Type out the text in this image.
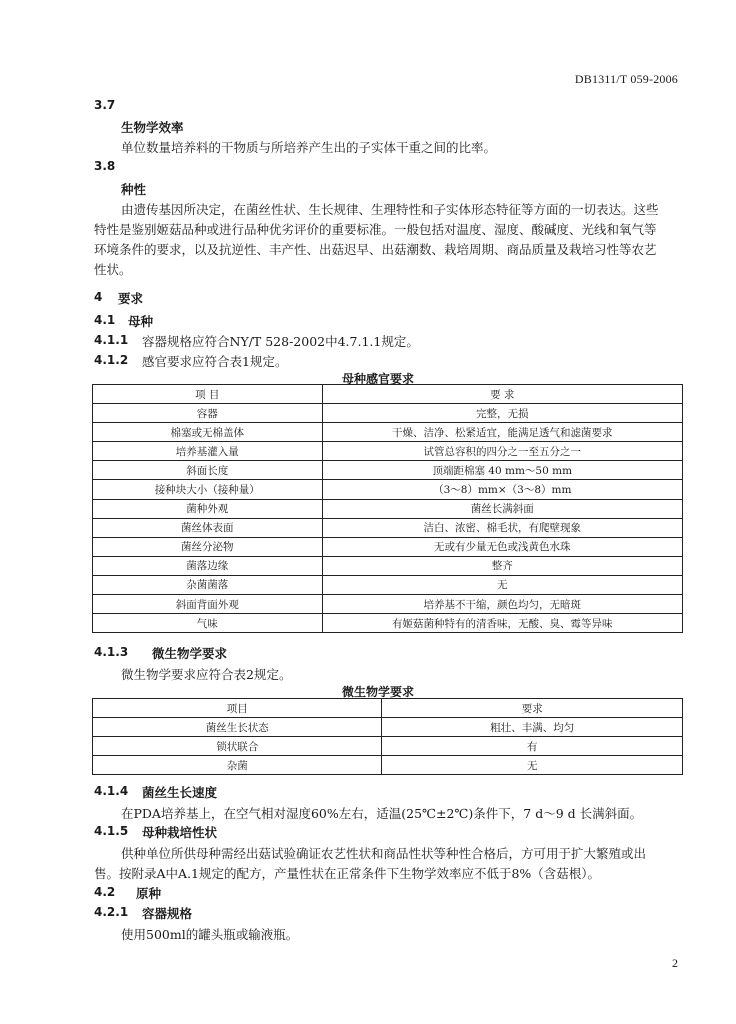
DB1311/T 059-2006
3.7
生物学效率
单位数量培养料的干物质与所培养产生出的子实体干重之间的比率。
3.8
种性
由遗传基因所决定，在菌丝性状、生长规律、生理特性和子实体形态特征等方面的一切表达。这些
特性是鉴别姬菇品种或进行品种优劣评价的重要标准。一般包括对温度、湿度、酸碱度、光线和氧气等
环境条件的要求，以及抗逆性、丰产性、出菇迟早、出菇潮数、栽培周期、商品质量及栽培习性等农艺
性状。
4 要求
4.1 母种
4.1.1 容器规格应符合NY/T 528-2002中4.7.1.1规定。
4.1.2 感官要求应符合表1规定。
母种感官要求
项 目	要 求
容器	完整，无损
棉塞或无棉盖体	干燥、洁净、松紧适宜，能满足透气和滤菌要求
培养基灌入量	试管总容积的四分之一至五分之一
斜面长度	顶端距棉塞 40 mm～50 mm
接种块大小（接种量）	（3～8）mm×（3～8）mm
菌种外观	菌丝长满斜面
菌丝体表面	洁白、浓密、棉毛状，有爬壁现象
菌丝分泌物	无或有少量无色或浅黄色水珠
菌落边缘	整齐
杂菌菌落	无
斜面背面外观	培养基不干缩，颜色均匀，无暗斑
气味	有姬菇菌种特有的清香味，无酸、臭、霉等异味
4.1.3 微生物学要求
微生物学要求应符合表2规定。
微生物学要求
项目	要求
菌丝生长状态	粗壮、丰满、均匀
锁状联合	有
杂菌	无
4.1.4 菌丝生长速度
在PDA培养基上，在空气相对湿度60%左右，适温(25℃±2℃)条件下，7 d～9 d 长满斜面。
4.1.5 母种栽培性状
供种单位所供母种需经出菇试验确证农艺性状和商品性状等种性合格后，方可用于扩大繁殖或出
售。按附录A中A.1规定的配方，产量性状在正常条件下生物学效率应不低于8%（含菇根）。
4.2 原种
4.2.1 容器规格
使用500ml的罐头瓶或输液瓶。
2
